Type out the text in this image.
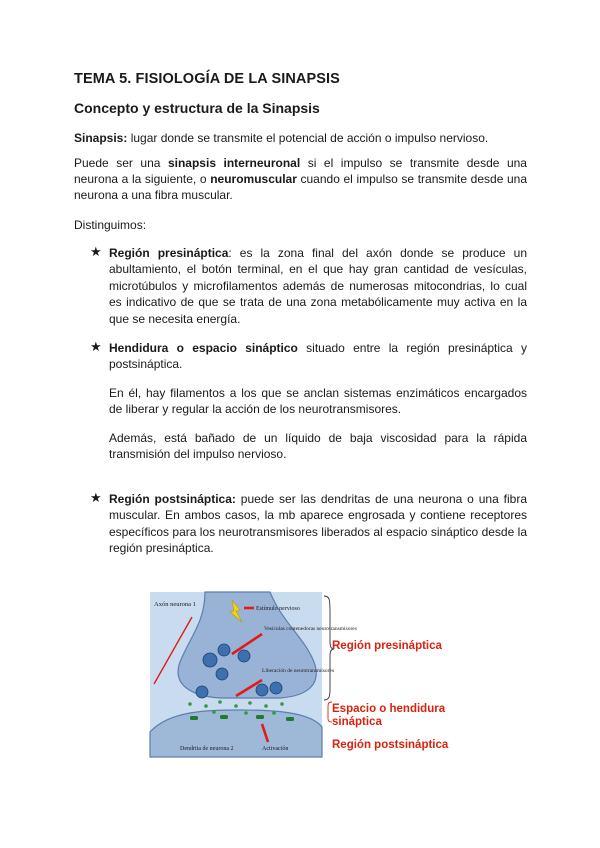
TEMA 5. FISIOLOGÍA DE LA SINAPSIS
Concepto y estructura de la Sinapsis
Sinapsis: lugar donde se transmite el potencial de acción o impulso nervioso.
Puede ser una sinapsis interneuronal si el impulso se transmite desde una neurona a la siguiente, o neuromuscular cuando el impulso se transmite desde una neurona a una fibra muscular.
Distinguimos:
★ Región presináptica: es la zona final del axón donde se produce un abultamiento, el botón terminal, en el que hay gran cantidad de vesículas, microtúbulos y microfilamentos además de numerosas mitocondrias, lo cual es indicativo de que se trata de una zona metabólicamente muy activa en la que se necesita energía.
★ Hendidura o espacio sináptico situado entre la región presináptica y postsináptica.
En él, hay filamentos a los que se anclan sistemas enzimáticos encargados de liberar y regular la acción de los neurotransmisores.
Además, está bañado de un líquido de baja viscosidad para la rápida transmisión del impulso nervioso.
★ Región postsináptica: puede ser las dendritas de una neurona o una fibra muscular. En ambos casos, la mb aparece engrosada y contiene receptores específicos para los neurotransmisores liberados al espacio sináptico desde la región presináptica.
Axón neurona 1
Estímulo nervioso
Vesículas contenedoras neurotransmisores
Liberación de neurotransmisores
Dendrita de neurona 2	Activación
Región presináptica
Espacio o hendidura sináptica
Región postsináptica
